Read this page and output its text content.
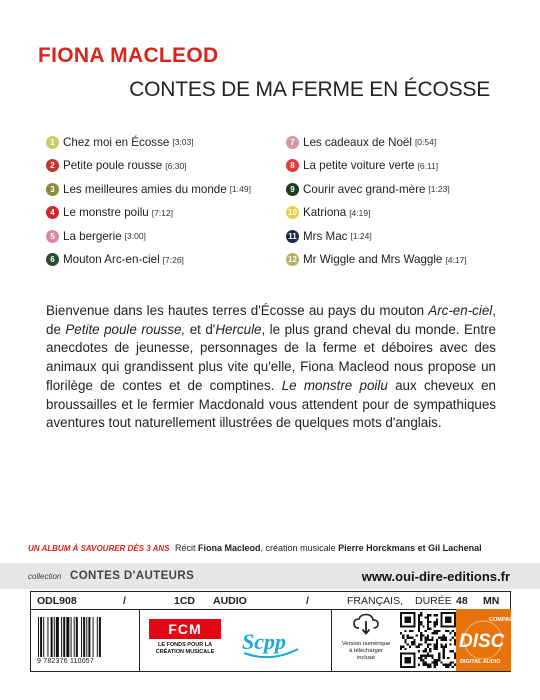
FIONA MACLEOD
CONTES DE MA FERME EN ÉCOSSE
1 Chez moi en Écosse [3:03]	7 Les cadeaux de Noël [0:54]
2 Petite poule rousse [6:30]	8 La petite voiture verte [6:11]
3 Les meilleures amies du monde [1:49]	9 Courir avec grand-mère [1:23]
4 Le monstre poilu [7:12]	10 Katriona [4:19]
5 La bergerie [3:00]	11 Mrs Mac [1:24]
6 Mouton Arc-en-ciel [7:26]	12 Mr Wiggle and Mrs Waggle [4:17]
Bienvenue dans les hautes terres d'Écosse au pays du mouton Arc-en-ciel, de Petite poule rousse, et d'Hercule, le plus grand cheval du monde. Entre anecdotes de jeunesse, personnages de la ferme et déboires avec des animaux qui grandissent plus vite qu'elle, Fiona Macleod nous propose un florilège de contes et de comptines. Le monstre poilu aux cheveux en broussailles et le fermier Macdonald vous attendent pour de sympathiques aventures tout naturellement illustrées de quelques mots d'anglais.
UN ALBUM À SAVOURER DÈS 3 ANS Récit Fiona Macleod, création musicale Pierre Horckmans et Gil Lachenal
collection CONTES D'AUTEURS	www.oui-dire-editions.fr
ODL908	/	1CD AUDIO	/	FRANÇAIS, DURÉE 48 MN
9 782376 110057
FCM
LE FONDS POUR LA
CRÉATION MUSICALE	Scpp	Version numérique
à télécharger
incluse
COMPACT
DISC
DIGITAL AUDIO
